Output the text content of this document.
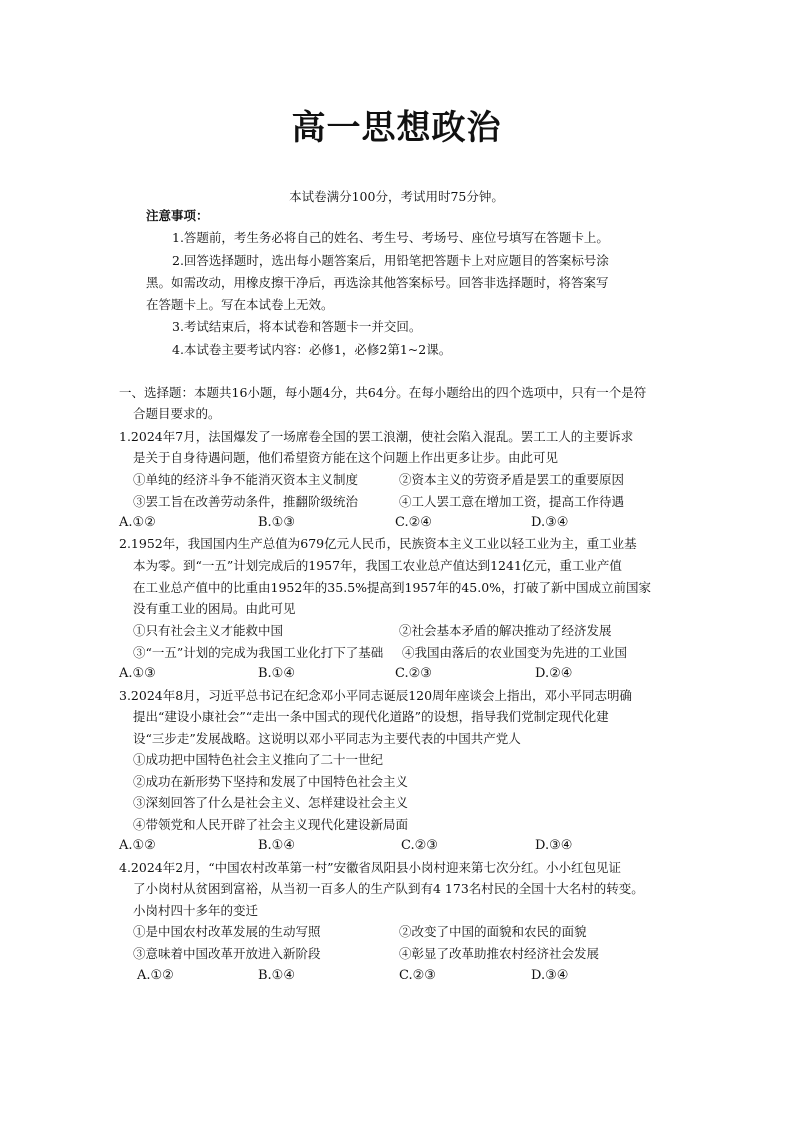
高一思想政治
本试卷满分100分，考试用时75分钟。
注意事项：
1.答题前，考生务必将自己的姓名、考生号、考场号、座位号填写在答题卡上。
2.回答选择题时，选出每小题答案后，用铅笔把答题卡上对应题目的答案标号涂
黑。如需改动，用橡皮擦干净后，再选涂其他答案标号。回答非选择题时，将答案写
在答题卡上。写在本试卷上无效。
3.考试结束后，将本试卷和答题卡一并交回。
4.本试卷主要考试内容：必修1，必修2第1~2课。
一、选择题：本题共16小题，每小题4分，共64分。在每小题给出的四个选项中，只有一个是符
合题目要求的。
1.2024年7月，法国爆发了一场席卷全国的罢工浪潮，使社会陷入混乱。罢工工人的主要诉求
是关于自身待遇问题，他们希望资方能在这个问题上作出更多让步。由此可见
①单纯的经济斗争不能消灭资本主义制度	②资本主义的劳资矛盾是罢工的重要原因
③罢工旨在改善劳动条件，推翻阶级统治	④工人罢工意在增加工资，提高工作待遇
A.①②	B.①③	C.②④	D.③④
2.1952年，我国国内生产总值为679亿元人民币，民族资本主义工业以轻工业为主，重工业基
本为零。到“一五”计划完成后的1957年，我国工农业总产值达到1241亿元，重工业产值
在工业总产值中的比重由1952年的35.5%提高到1957年的45.0%，打破了新中国成立前国家
没有重工业的困局。由此可见
①只有社会主义才能救中国	②社会基本矛盾的解决推动了经济发展
③“一五”计划的完成为我国工业化打下了基础 ④我国由落后的农业国变为先进的工业国
A.①③	B.①④	C.②③	D.②④
3.2024年8月，习近平总书记在纪念邓小平同志诞辰120周年座谈会上指出，邓小平同志明确
提出“建设小康社会”“走出一条中国式的现代化道路”的设想，指导我们党制定现代化建
设“三步走”发展战略。这说明以邓小平同志为主要代表的中国共产党人
①成功把中国特色社会主义推向了二十一世纪
②成功在新形势下坚持和发展了中国特色社会主义
③深刻回答了什么是社会主义、怎样建设社会主义
④带领党和人民开辟了社会主义现代化建设新局面
A.①②	B.①④	C.②③	D.③④
4.2024年2月，“中国农村改革第一村”安徽省凤阳县小岗村迎来第七次分红。小小红包见证
了小岗村从贫困到富裕，从当初一百多人的生产队到有4 173名村民的全国十大名村的转变。
小岗村四十多年的变迁
①是中国农村改革发展的生动写照	②改变了中国的面貌和农民的面貌
③意味着中国改革开放进入新阶段	④彰显了改革助推农村经济社会发展
A.①②	B.①④	C.②③	D.③④
